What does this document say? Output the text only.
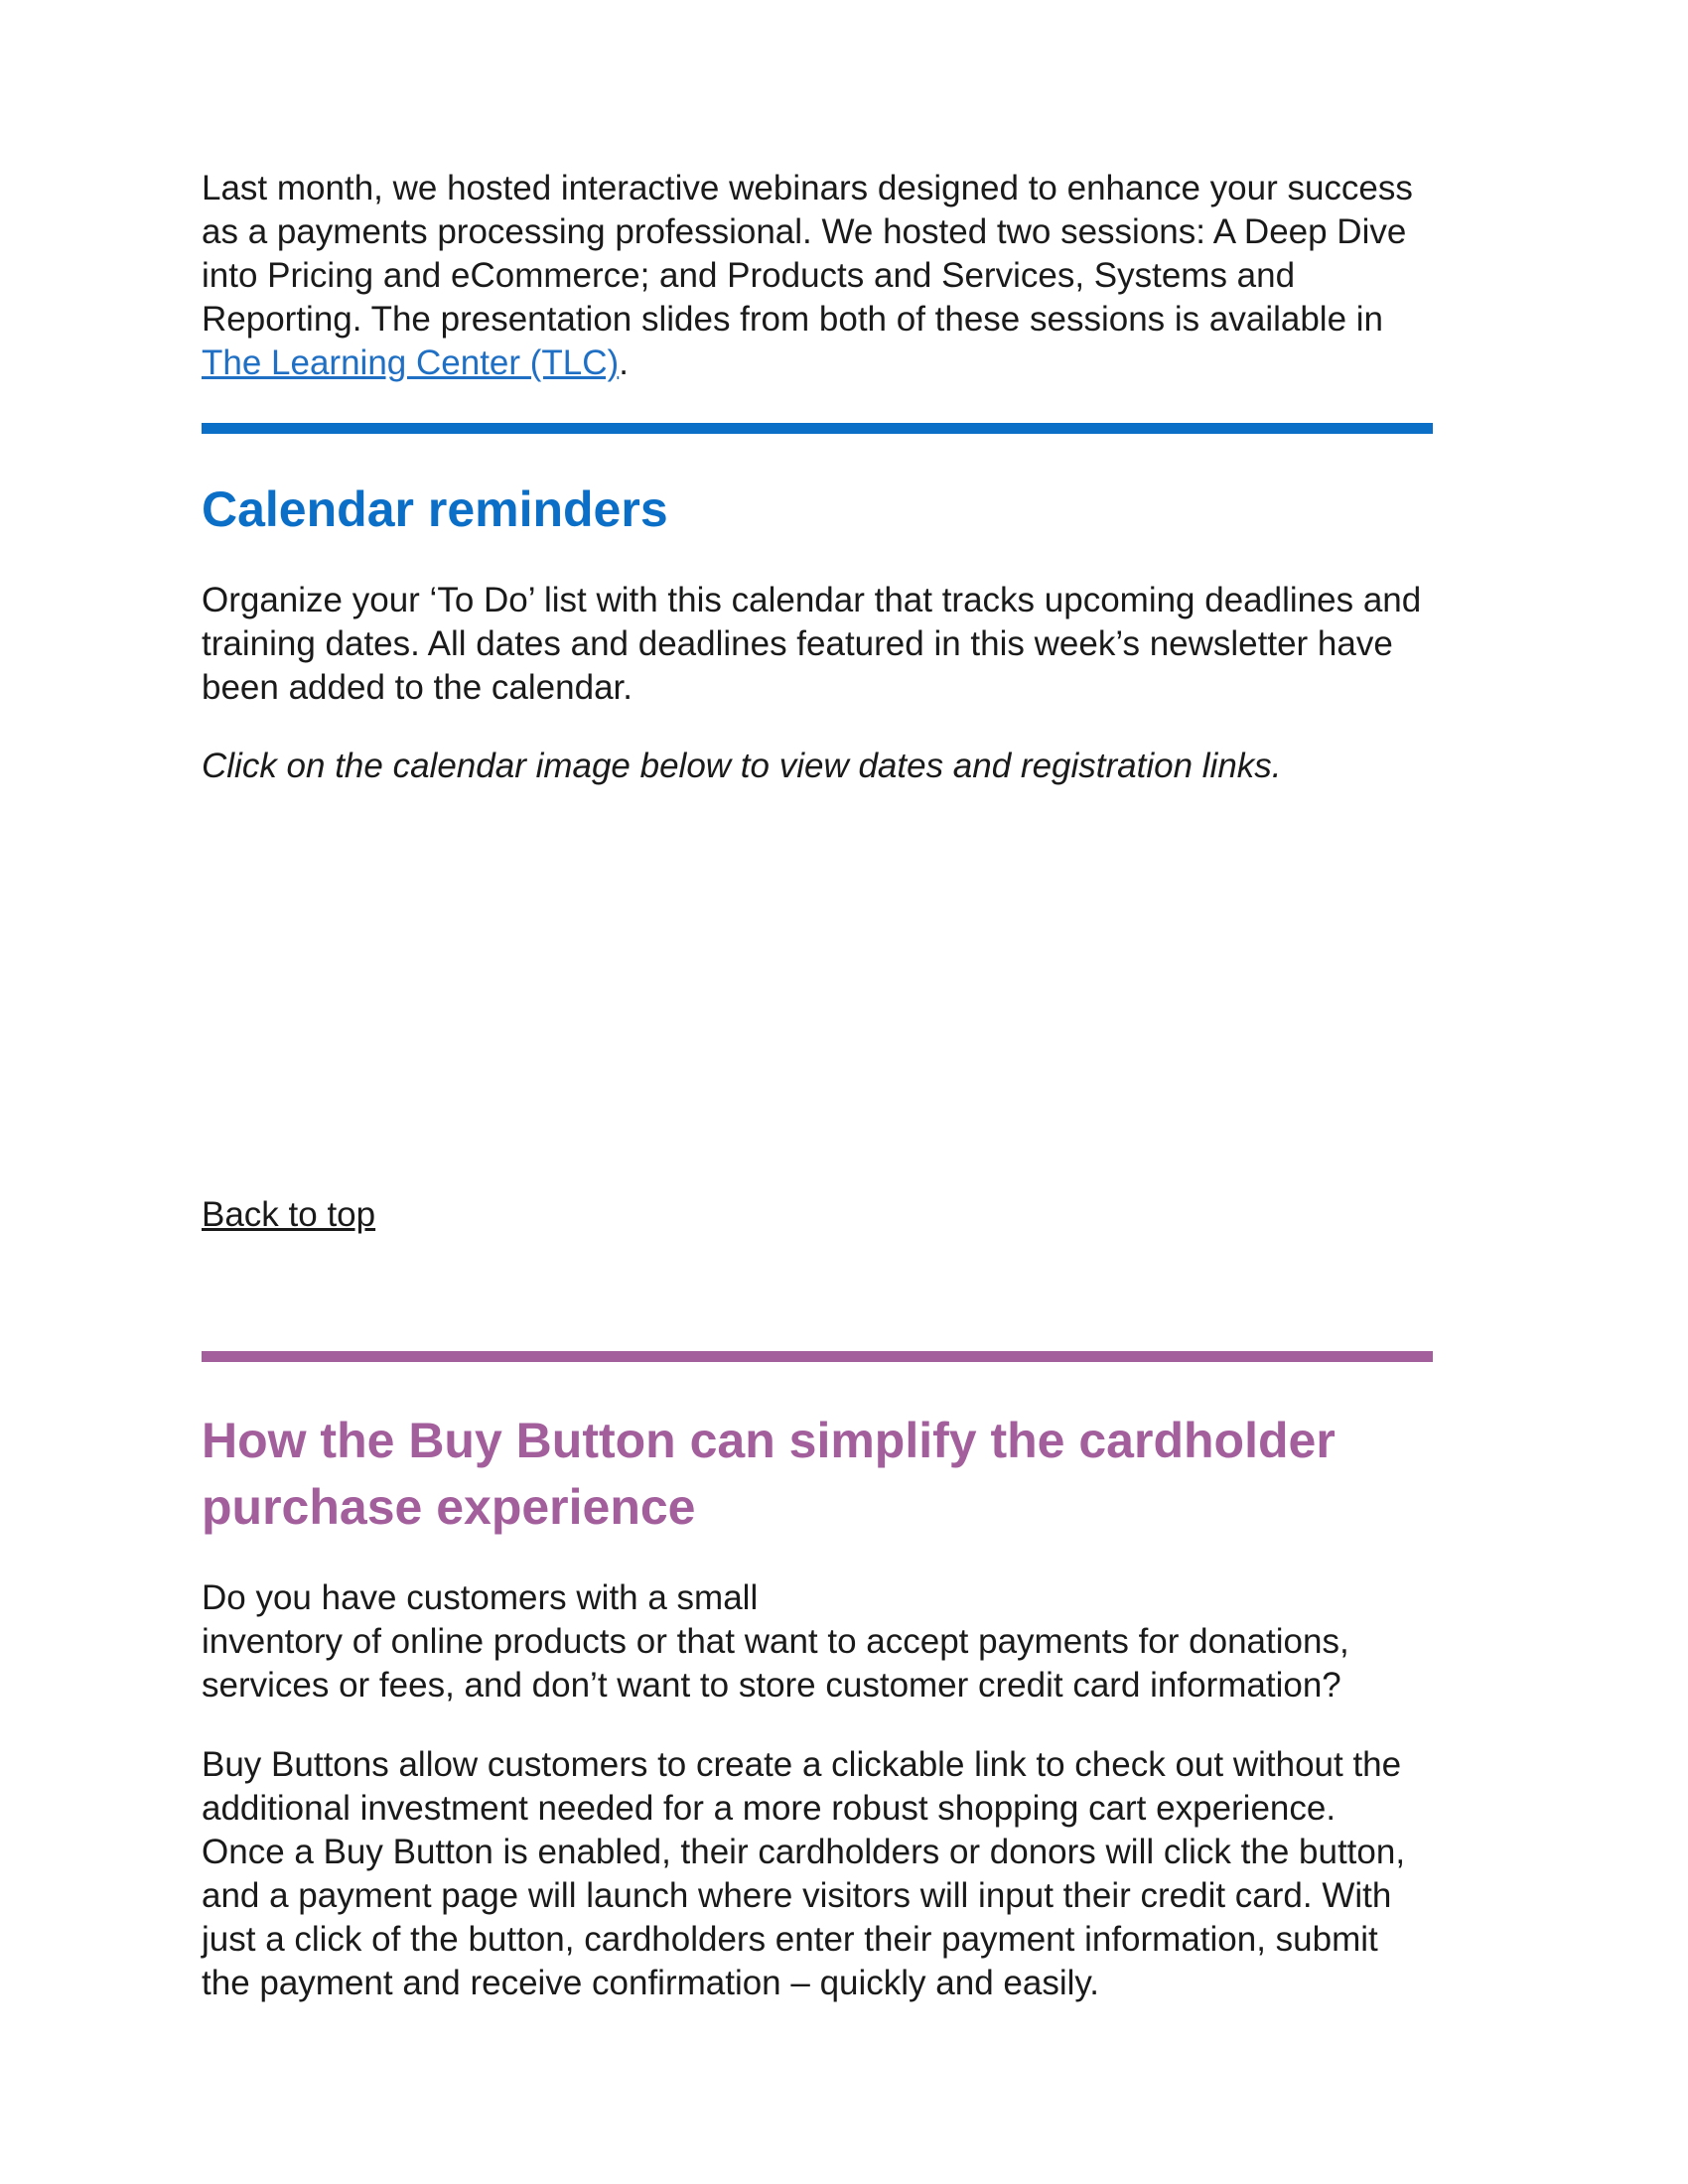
Last month, we hosted interactive webinars designed to enhance your success
as a payments processing professional. We hosted two sessions: A Deep Dive
into Pricing and eCommerce; and Products and Services, Systems and
Reporting. The presentation slides from both of these sessions is available in
The Learning Center (TLC).

Calendar reminders

Organize your ‘To Do’ list with this calendar that tracks upcoming deadlines and
training dates. All dates and deadlines featured in this week’s newsletter have
been added to the calendar.

Click on the calendar image below to view dates and registration links.

Back to top
How the Buy Button can simplify the cardholder
purchase experience

Do you have customers with a small
inventory of online products or that want to accept payments for donations,
services or fees, and don’t want to store customer credit card information?

Buy Buttons allow customers to create a clickable link to check out without the
additional investment needed for a more robust shopping cart experience.
Once a Buy Button is enabled, their cardholders or donors will click the button,
and a payment page will launch where visitors will input their credit card. With
just a click of the button, cardholders enter their payment information, submit
the payment and receive confirmation – quickly and easily.
